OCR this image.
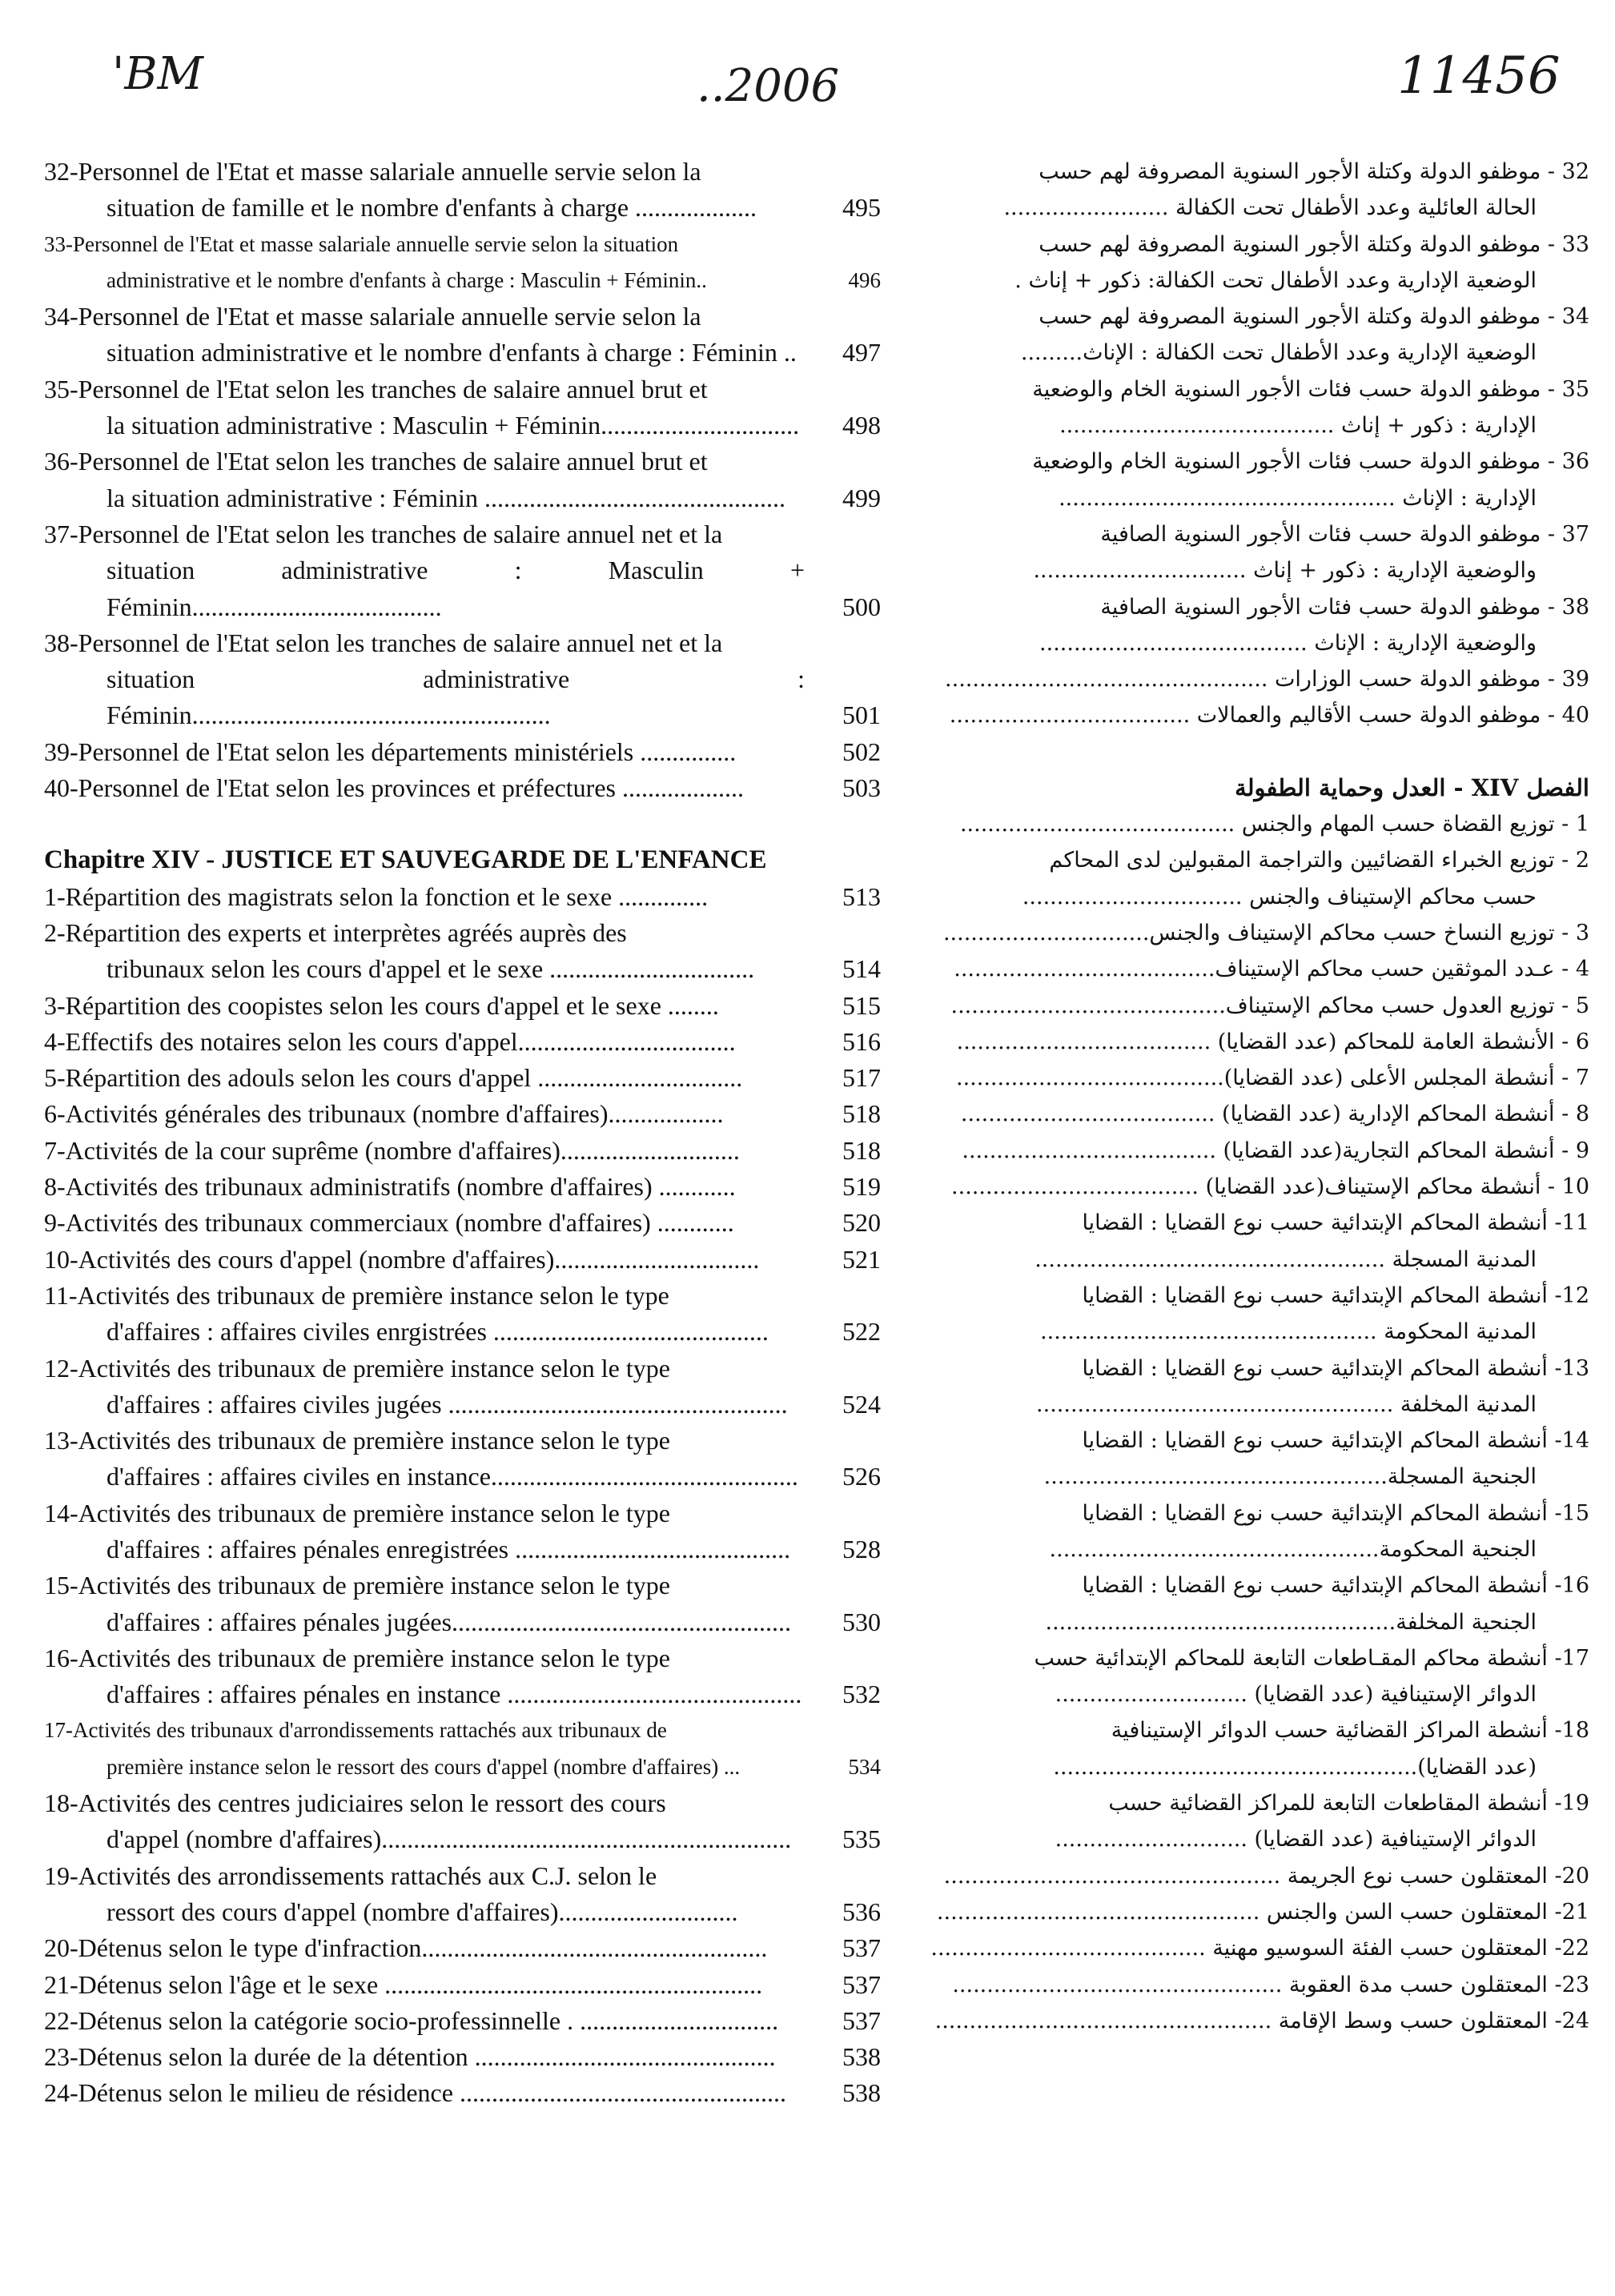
'BM	..2006	11456
32-Personnel de l'Etat et masse salariale annuelle servie selon la
situation de famille et le nombre d'enfants à charge ...................	495
33-Personnel de l'Etat et masse salariale annuelle servie selon la situation
administrative et le nombre d'enfants à charge : Masculin + Féminin..	496
34-Personnel de l'Etat et masse salariale annuelle servie selon la
situation administrative et le nombre d'enfants à charge : Féminin ..	497
35-Personnel de l'Etat selon les tranches de salaire annuel brut et
la situation administrative : Masculin + Féminin...............................	498
36-Personnel de l'Etat selon les tranches de salaire annuel brut et
la situation administrative : Féminin ...............................................	499
37-Personnel de l'Etat selon les tranches de salaire annuel net et la
situation administrative : Masculin + Féminin.......................................	500
38-Personnel de l'Etat selon les tranches de salaire annuel net et la
situation administrative : Féminin........................................................	501
39-Personnel de l'Etat selon les départements ministériels ...............	502
40-Personnel de l'Etat selon les provinces et préfectures ...................	503
Chapitre XIV - JUSTICE ET SAUVEGARDE DE L'ENFANCE
1-Répartition des magistrats selon la fonction et le sexe ..............	513
2-Répartition des experts et interprètes agréés auprès des
tribunaux selon les cours d'appel et le sexe ................................	514
3-Répartition des coopistes selon les cours d'appel et le sexe ........	515
4-Effectifs des notaires selon les cours d'appel..................................	516
5-Répartition des adouls selon les cours d'appel ................................	517
6-Activités générales des tribunaux (nombre d'affaires)..................	518
7-Activités de la cour suprême (nombre d'affaires)............................	518
8-Activités des tribunaux administratifs (nombre d'affaires) ............	519
9-Activités des tribunaux commerciaux (nombre d'affaires) ............	520
10-Activités des cours d'appel (nombre d'affaires)................................	521
11-Activités des tribunaux de première instance selon le type
d'affaires : affaires civiles enrgistrées ...........................................	522
12-Activités des tribunaux de première instance selon le type
d'affaires : affaires civiles jugées .....................................................	524
13-Activités des tribunaux de première instance selon le type
d'affaires : affaires civiles en instance................................................	526
14-Activités des tribunaux de première instance selon le type
d'affaires : affaires pénales enregistrées ...........................................	528
15-Activités des tribunaux de première instance selon le type
d'affaires : affaires pénales jugées.....................................................	530
16-Activités des tribunaux de première instance selon le type
d'affaires : affaires pénales en instance ..............................................	532
17-Activités des tribunaux d'arrondissements rattachés aux tribunaux de
première instance selon le ressort des cours d'appel (nombre d'affaires) ...	534
18-Activités des centres judiciaires selon le ressort des cours
d'appel (nombre d'affaires)................................................................	535
19-Activités des arrondissements rattachés aux C.J. selon le
ressort des cours d'appel (nombre d'affaires)............................	536
20-Détenus selon le type d'infraction......................................................	537
21-Détenus selon l'âge et le sexe ...........................................................	537
22-Détenus selon la catégorie socio-professinnelle . ...............................	537
23-Détenus selon la durée de la détention ...............................................	538
24-Détenus selon le milieu de résidence ...................................................	538
32 - موظفو الدولة وكتلة الأجور السنوية المصروفة لهم حسب
الحالة العائلية وعدد الأطفال تحت الكفالة ........................
33 - موظفو الدولة وكتلة الأجور السنوية المصروفة لهم حسب
الوضعية الإدارية وعدد الأطفال تحت الكفالة: ذكور + إناث .
34 - موظفو الدولة وكتلة الأجور السنوية المصروفة لهم حسب
الوضعية الإدارية وعدد الأطفال تحت الكفالة : الإناث.........
35 - موظفو الدولة حسب فئات الأجور السنوية الخام والوضعية
الإدارية : ذكور + إناث ........................................
36 - موظفو الدولة حسب فئات الأجور السنوية الخام والوضعية
الإدارية : الإناث .................................................
37 - موظفو الدولة حسب فئات الأجور السنوية الصافية
والوضعية الإدارية : ذكور + إناث ...............................
38 - موظفو الدولة حسب فئات الأجور السنوية الصافية
والوضعية الإدارية : الإناث .......................................
39 - موظفو الدولة حسب الوزارات ...............................................
40 - موظفو الدولة حسب الأقاليم والعمالات ...................................
الفصل XIV - العدل وحماية الطفولة
1 - توزيع القضاة حسب المهام والجنس ........................................
2 - توزيع الخبراء القضائيين والتراجمة المقبولين لدى المحاكم
حسب محاكم الإستيناف والجنس ................................
3 - توزيع النساخ حسب محاكم الإستيناف والجنس..............................
4 - عـدد الموثقين حسب محاكم الإستيناف......................................
5 - توزيع العدول حسب محاكم الإستيناف........................................
6 - الأنشطة العامة للمحاكم (عدد القضايا) .....................................
7 - أنشطة المجلس الأعلى (عدد القضايا).......................................
8 - أنشطة المحاكم الإدارية (عدد القضايا) .....................................
9 - أنشطة المحاكم التجارية(عدد القضايا) .....................................
10 - أنشطة محاكم الإستيناف(عدد القضايا) ....................................
11- أنشطة المحاكم الإبتدائية حسب نوع القضايا : القضايا
المدنية المسجلة ...................................................
12- أنشطة المحاكم الإبتدائية حسب نوع القضايا : القضايا
المدنية المحكومة .................................................
13- أنشطة المحاكم الإبتدائية حسب نوع القضايا : القضايا
المدنية المخلفة ....................................................
14- أنشطة المحاكم الإبتدائية حسب نوع القضايا : القضايا
الجنحية المسجلة..................................................
15- أنشطة المحاكم الإبتدائية حسب نوع القضايا : القضايا
الجنحية المحكومة................................................
16- أنشطة المحاكم الإبتدائية حسب نوع القضايا : القضايا
الجنحية المخلفة...................................................
17- أنشطة محاكم المقـاطعات التابعة للمحاكم الإبتدائية حسب
الدوائر الإستينافية (عدد القضايا) ............................
18- أنشطة المراكز القضائية حسب الدوائر الإستينافية
(عدد القضايا).....................................................
19- أنشطة المقاطعات التابعة للمراكز القضائية حسب
الدوائر الإستينافية (عدد القضايا) ............................
20- المعتقلون حسب نوع الجريمة .................................................
21- المعتقلون حسب السن والجنس ...............................................
22- المعتقلون حسب الفئة السوسيو مهنية ........................................
23- المعتقلون حسب مدة العقوبة ................................................
24- المعتقلون حسب وسط الإقامة .................................................
